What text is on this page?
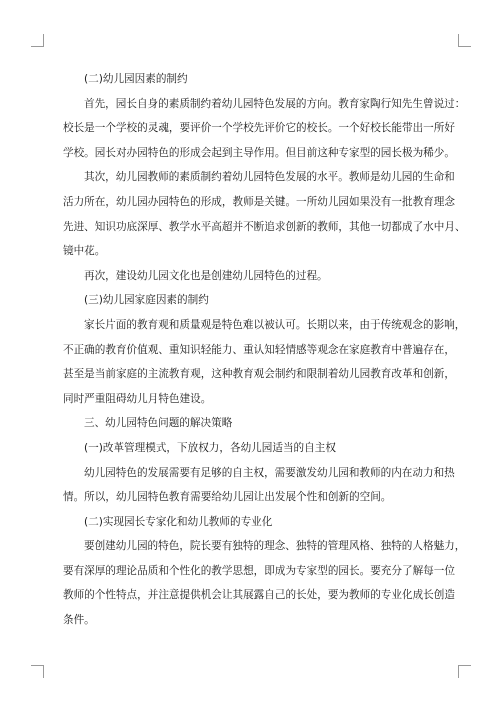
(二)幼儿园因素的制约
首先，园长自身的素质制约着幼儿园特色发展的方向。教育家陶行知先生曾说过：
校长是一个学校的灵魂，要评价一个学校先评价它的校长。一个好校长能带出一所好
学校。园长对办园特色的形成会起到主导作用。但目前这种专家型的园长极为稀少。
其次，幼儿园教师的素质制约着幼儿园特色发展的水平。教师是幼儿园的生命和
活力所在，幼儿园办园特色的形成，教师是关键。一所幼儿园如果没有一批教育理念
先进、知识功底深厚、教学水平高超并不断追求创新的教师，其他一切都成了水中月、
镜中花。
再次，建设幼儿园文化也是创建幼儿园特色的过程。
(三)幼儿园家庭因素的制约
家长片面的教育观和质量观是特色难以被认可。长期以来，由于传统观念的影响，
不正确的教育价值观、重知识轻能力、重认知轻情感等观念在家庭教育中普遍存在，
甚至是当前家庭的主流教育观，这种教育观会制约和限制着幼儿园教育改革和创新，
同时严重阻碍幼儿月特色建设。
三、幼儿园特色问题的解决策略
(一)改革管理模式，下放权力，各幼儿园适当的自主权
幼儿园特色的发展需要有足够的自主权，需要激发幼儿园和教师的内在动力和热
情。所以，幼儿园特色教育需要给幼儿园让出发展个性和创新的空间。
(二)实现园长专家化和幼儿教师的专业化
要创建幼儿园的特色，院长要有独特的理念、独特的管理风格、独特的人格魅力，
要有深厚的理论品质和个性化的教学思想，即成为专家型的园长。要充分了解每一位
教师的个性特点，并注意提供机会让其展露自己的长处，要为教师的专业化成长创造
条件。
